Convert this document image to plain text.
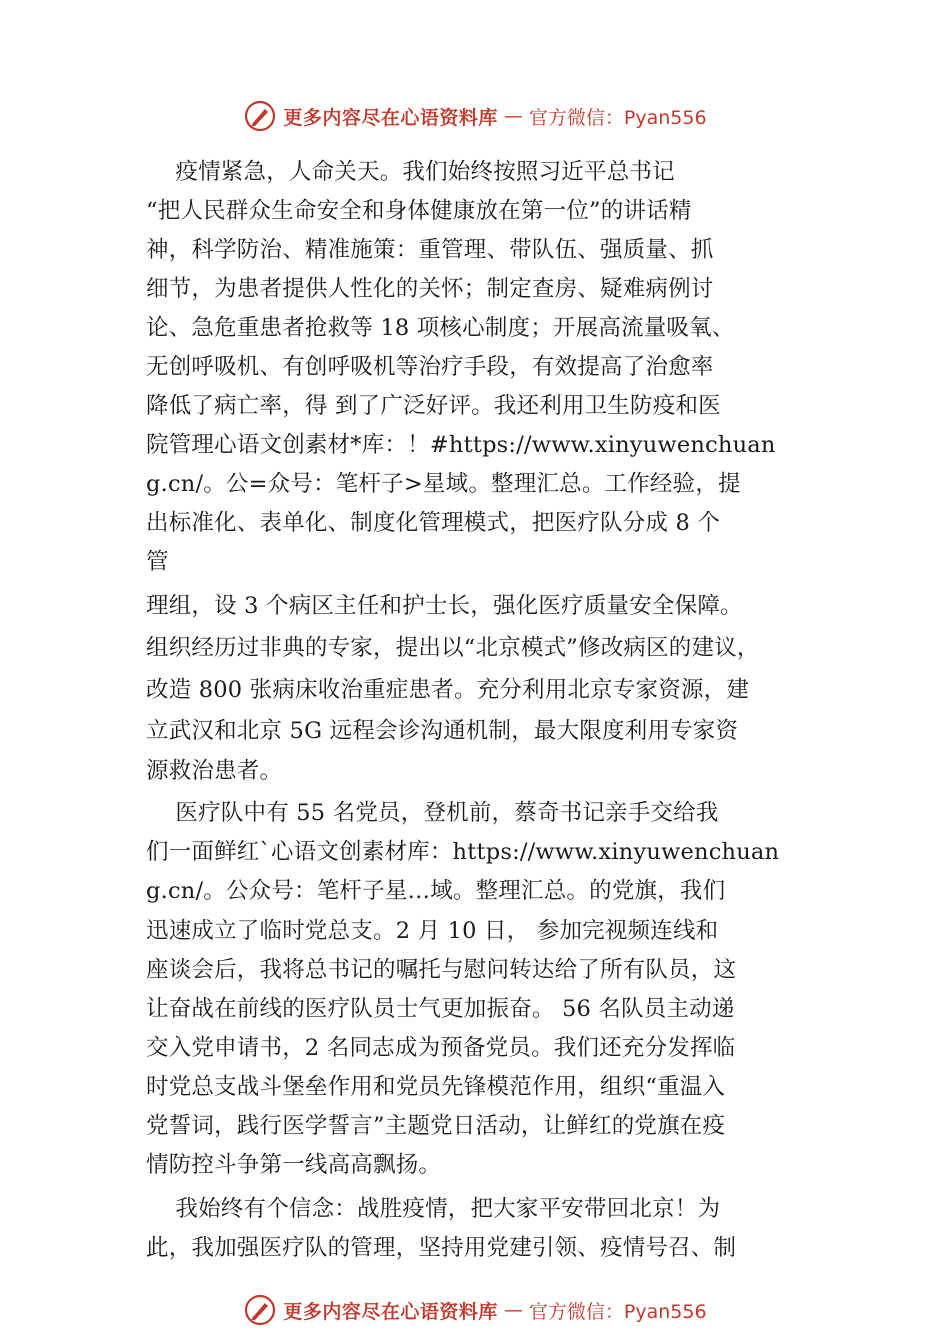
更多内容尽在心语资料库 — 官方微信：Pyan556
疫情紧急，人命关天。我们始终按照习近平总书记
“把人民群众生命安全和身体健康放在第一位”的讲话精
神，科学防治、精准施策：重管理、带队伍、强质量、抓
细节，为患者提供人性化的关怀；制定查房、疑难病例讨
论、急危重患者抢救等 18 项核心制度；开展高流量吸氧、
无创呼吸机、有创呼吸机等治疗手段，有效提高了治愈率
降低了病亡率，得 到了广泛好评。我还利用卫生防疫和医
院管理心语文创素材*库：！#https://www.xinyuwenchuan
g.cn/。公=众号：笔杆子>星域。整理汇总。工作经验，提
出标准化、表单化、制度化管理模式，把医疗队分成 8 个
管
理组，设 3 个病区主任和护士长，强化医疗质量安全保障。
组织经历过非典的专家，提出以“北京模式”修改病区的建议，
改造 800 张病床收治重症患者。充分利用北京专家资源，建
立武汉和北京 5G 远程会诊沟通机制，最大限度利用专家资
源救治患者。
医疗队中有 55 名党员，登机前，蔡奇书记亲手交给我
们一面鲜红`心语文创素材库：https://www.xinyuwenchuan
g.cn/。公众号：笔杆子星…域。整理汇总。的党旗，我们
迅速成立了临时党总支。2 月 10 日， 参加完视频连线和
座谈会后，我将总书记的嘱托与慰问转达给了所有队员，这
让奋战在前线的医疗队员士气更加振奋。 56 名队员主动递
交入党申请书，2 名同志成为预备党员。我们还充分发挥临
时党总支战斗堡垒作用和党员先锋模范作用，组织“重温入
党誓词，践行医学誓言”主题党日活动，让鲜红的党旗在疫
情防控斗争第一线高高飘扬。
我始终有个信念：战胜疫情，把大家平安带回北京！为
此，我加强医疗队的管理，坚持用党建引领、疫情号召、制
更多内容尽在心语资料库 — 官方微信：Pyan556
